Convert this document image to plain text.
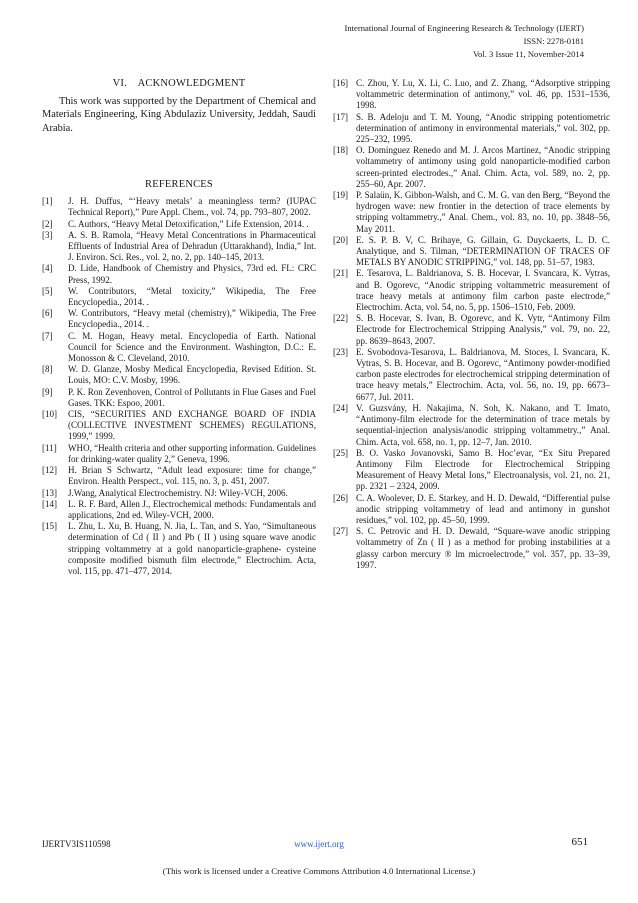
International Journal of Engineering Research & Technology (IJERT)
ISSN: 2278-0181
Vol. 3 Issue 11, November-2014
VI.    ACKNOWLEDGMENT

This work was supported by the Department of Chemical and Materials Engineering, King Abdulaziz University, Jeddah, Saudi Arabia.

REFERENCES
[1]	J. H. Duffus, “‘Heavy metals’ a meaningless term? (IUPAC Technical Report),” Pure Appl. Chem., vol. 74, pp. 793–807, 2002.
[2]	C. Authors, “Heavy Metal Detoxification,” Life Extension, 2014. .
[3]	A. S. B. Ramola, “Heavy Metal Concentrations in Pharmaceutical Effluents of Industrial Area of Dehradun (Uttarakhand), India,” Int. J. Environ. Sci. Res., vol. 2, no. 2, pp. 140–145, 2013.
[4]	D. Lide, Handbook of Chemistry and Physics, 73rd ed. FL: CRC Press, 1992.
[5]	W. Contributors, “Metal toxicity,” Wikipedia, The Free Encyclopedia., 2014. .
[6]	W. Contributors, “Heavy metal (chemistry),” Wikipedia, The Free Encyclopedia., 2014. .
[7]	C. M. Hogan, Heavy metal. Encyclopedia of Earth. National Council for Science and the Environment. Washington, D.C.: E. Monosson & C. Cleveland, 2010.
[8]	W. D. Glanze, Mosby Medical Encyclopedia, Revised Edition. St. Louis, MO: C.V. Mosby, 1996.
[9]	P. K. Ron Zevenhoven, Control of Pollutants in Flue Gases and Fuel Gases. TKK: Espoo, 2001.
[10]	CIS, “SECURITIES AND EXCHANGE BOARD OF INDIA (COLLECTIVE INVESTMENT SCHEMES) REGULATIONS, 1999,” 1999.
[11]	WHO, “Health criteria and other supporting information. Guidelines for drinking-water quality 2,” Geneva, 1996.
[12]	H. Brian S Schwartz, “Adult lead exposure: time for change,” Environ. Health Perspect., vol. 115, no. 3, p. 451, 2007.
[13]	J.Wang, Analytical Electrochemistry. NJ: Wiley-VCH, 2006.
[14]	L. R. F. Bard, Allen J., Electrochemical methods: Fundamentals and applications, 2nd ed. Wiley-VCH, 2000.
[15]	L. Zhu, L. Xu, B. Huang, N. Jia, L. Tan, and S. Yao, “Simultaneous determination of Cd ( II ) and Pb ( II ) using square wave anodic stripping voltammetry at a gold nanoparticle-graphene- cysteine composite modified bismuth film electrode,” Electrochim. Acta, vol. 115, pp. 471–477, 2014.
[16] C. Zhou, Y. Lu, X. Li, C. Luo, and Z. Zhang, “Adsorptive stripping voltammetric determination of antimony,” vol. 46, pp. 1531–1536, 1998.
[17] S. B. Adeloju and T. M. Young, “Anodic stripping potentiometric determination of antimony in environmental materials,” vol. 302, pp. 225–232, 1995.
[18] O. Domínguez Renedo and M. J. Arcos Martínez, “Anodic stripping voltammetry of antimony using gold nanoparticle-modified carbon screen-printed electrodes.,” Anal. Chim. Acta, vol. 589, no. 2, pp. 255–60, Apr. 2007.
[19] P. Salaün, K. Gibbon-Walsh, and C. M. G. van den Berg, “Beyond the hydrogen wave: new frontier in the detection of trace elements by stripping voltammetry.,” Anal. Chem., vol. 83, no. 10, pp. 3848–56, May 2011.
[20] E. S. P. B. V, C. Brihaye, G. Gillain, G. Duyckaerts, L. D. C. Analytique, and S. Tilman, “DETERMINATION OF TRACES OF METALS BY ANODIC STRIPPING,” vol. 148, pp. 51–57, 1983.
[21] E. Tesarova, L. Baldrianova, S. B. Hocevar, I. Svancara, K. Vytras, and B. Ogorevc, “Anodic stripping voltammetric measurement of trace heavy metals at antimony film carbon paste electrode,” Electrochim. Acta, vol. 54, no. 5, pp. 1506–1510, Feb. 2009.
[22] S. B. Hocevar, S. Ivan, B. Ogorevc, and K. Vytr, “Antimony Film Electrode for Electrochemical Stripping Analysis,” vol. 79, no. 22, pp. 8639–8643, 2007.
[23] E. Svobodova-Tesarova, L. Baldrianova, M. Stoces, I. Svancara, K. Vytras, S. B. Hocevar, and B. Ogorevc, “Antimony powder-modified carbon paste electrodes for electrochemical stripping determination of trace heavy metals,” Electrochim. Acta, vol. 56, no. 19, pp. 6673–6677, Jul. 2011.
[24] V. Guzsvány, H. Nakajima, N. Soh, K. Nakano, and T. Imato, “Antimony-film electrode for the determination of trace metals by sequential-injection analysis/anodic stripping voltammetry.,” Anal. Chim. Acta, vol. 658, no. 1, pp. 12–7, Jan. 2010.
[25] B. O. Vasko Jovanovski, Samo B. Hoc’evar, “Ex Situ Prepared Antimony Film Electrode for Electrochemical Stripping Measurement of Heavy Metal Ions,” Electroanalysis, vol. 21, no. 21, pp. 2321 – 2324, 2009.
[26] C. A. Woolever, D. E. Starkey, and H. D. Dewald, “Differential pulse anodic stripping voltammetry of lead and antimony in gunshot residues,” vol. 102, pp. 45–50, 1999.
[27] S. C. Petrovic and H. D. Dewald, “Square-wave anodic stripping voltammetry of Zn ( II ) as a method for probing instabilities at a glassy carbon mercury ® lm microelectrode,” vol. 357, pp. 33–39, 1997.
IJERTV3IS110598	www.ijert.org	651
(This work is licensed under a Creative Commons Attribution 4.0 International License.)
